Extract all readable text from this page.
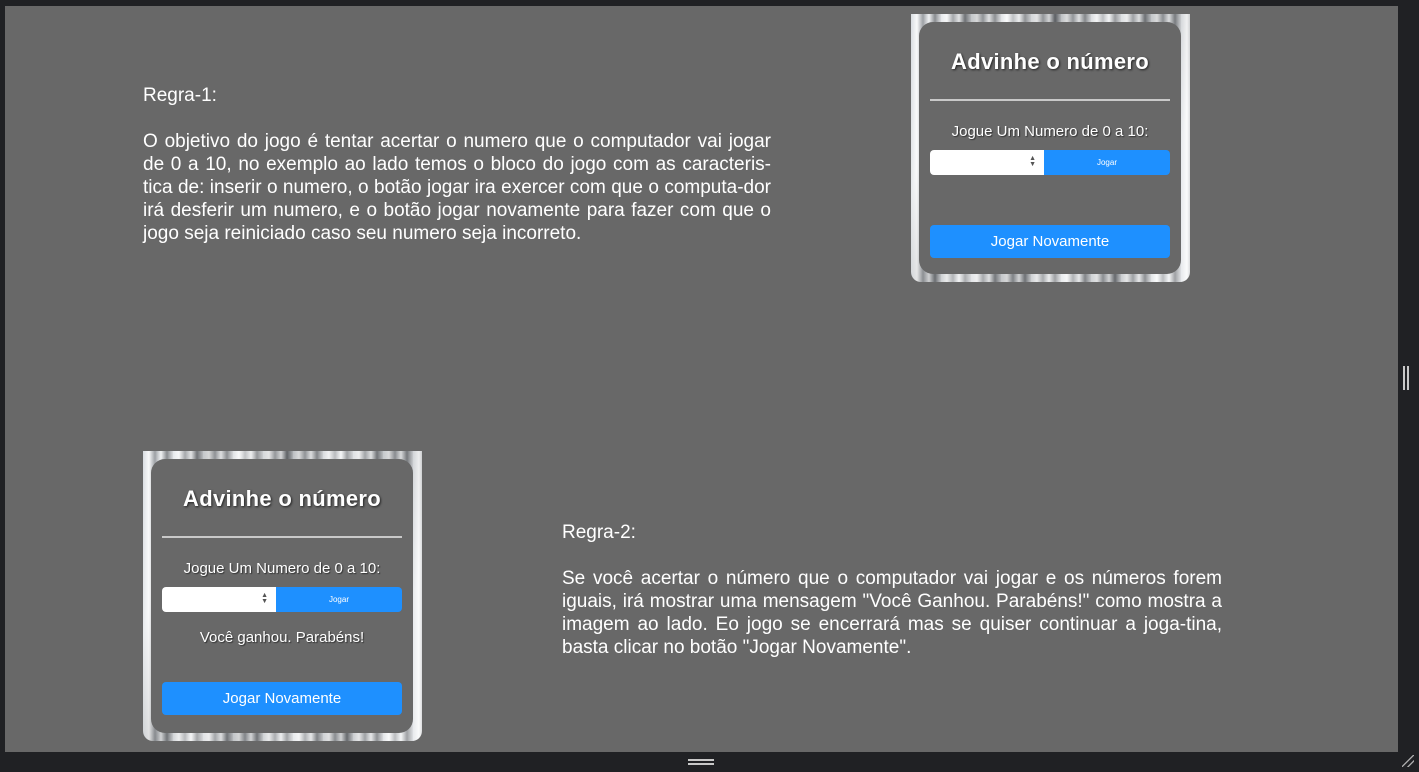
Regra-1:
O objetivo do jogo é tentar acertar o numero que o computador vai jogar de 0 a 10, no exemplo ao lado temos o bloco do jogo com as caracteris-tica de: inserir o numero, o botão jogar ira exercer com que o computa-dor irá desferir um numero, e o botão jogar novamente para fazer com que o jogo seja reiniciado caso seu numero seja incorreto.
Advinhe o número
Jogue Um Numero de 0 a 10:
▲
▼	Jogar
Jogar Novamente
Advinhe o número
Jogue Um Numero de 0 a 10:
▲
▼	Jogar
Você ganhou. Parabéns!
Jogar Novamente
Regra-2:
Se você acertar o número que o computador vai jogar e os números forem iguais, irá mostrar uma mensagem "Você Ganhou. Parabéns!" como mostra a imagem ao lado. Eo jogo se encerrará mas se quiser continuar a joga-tina, basta clicar no botão "Jogar Novamente".
